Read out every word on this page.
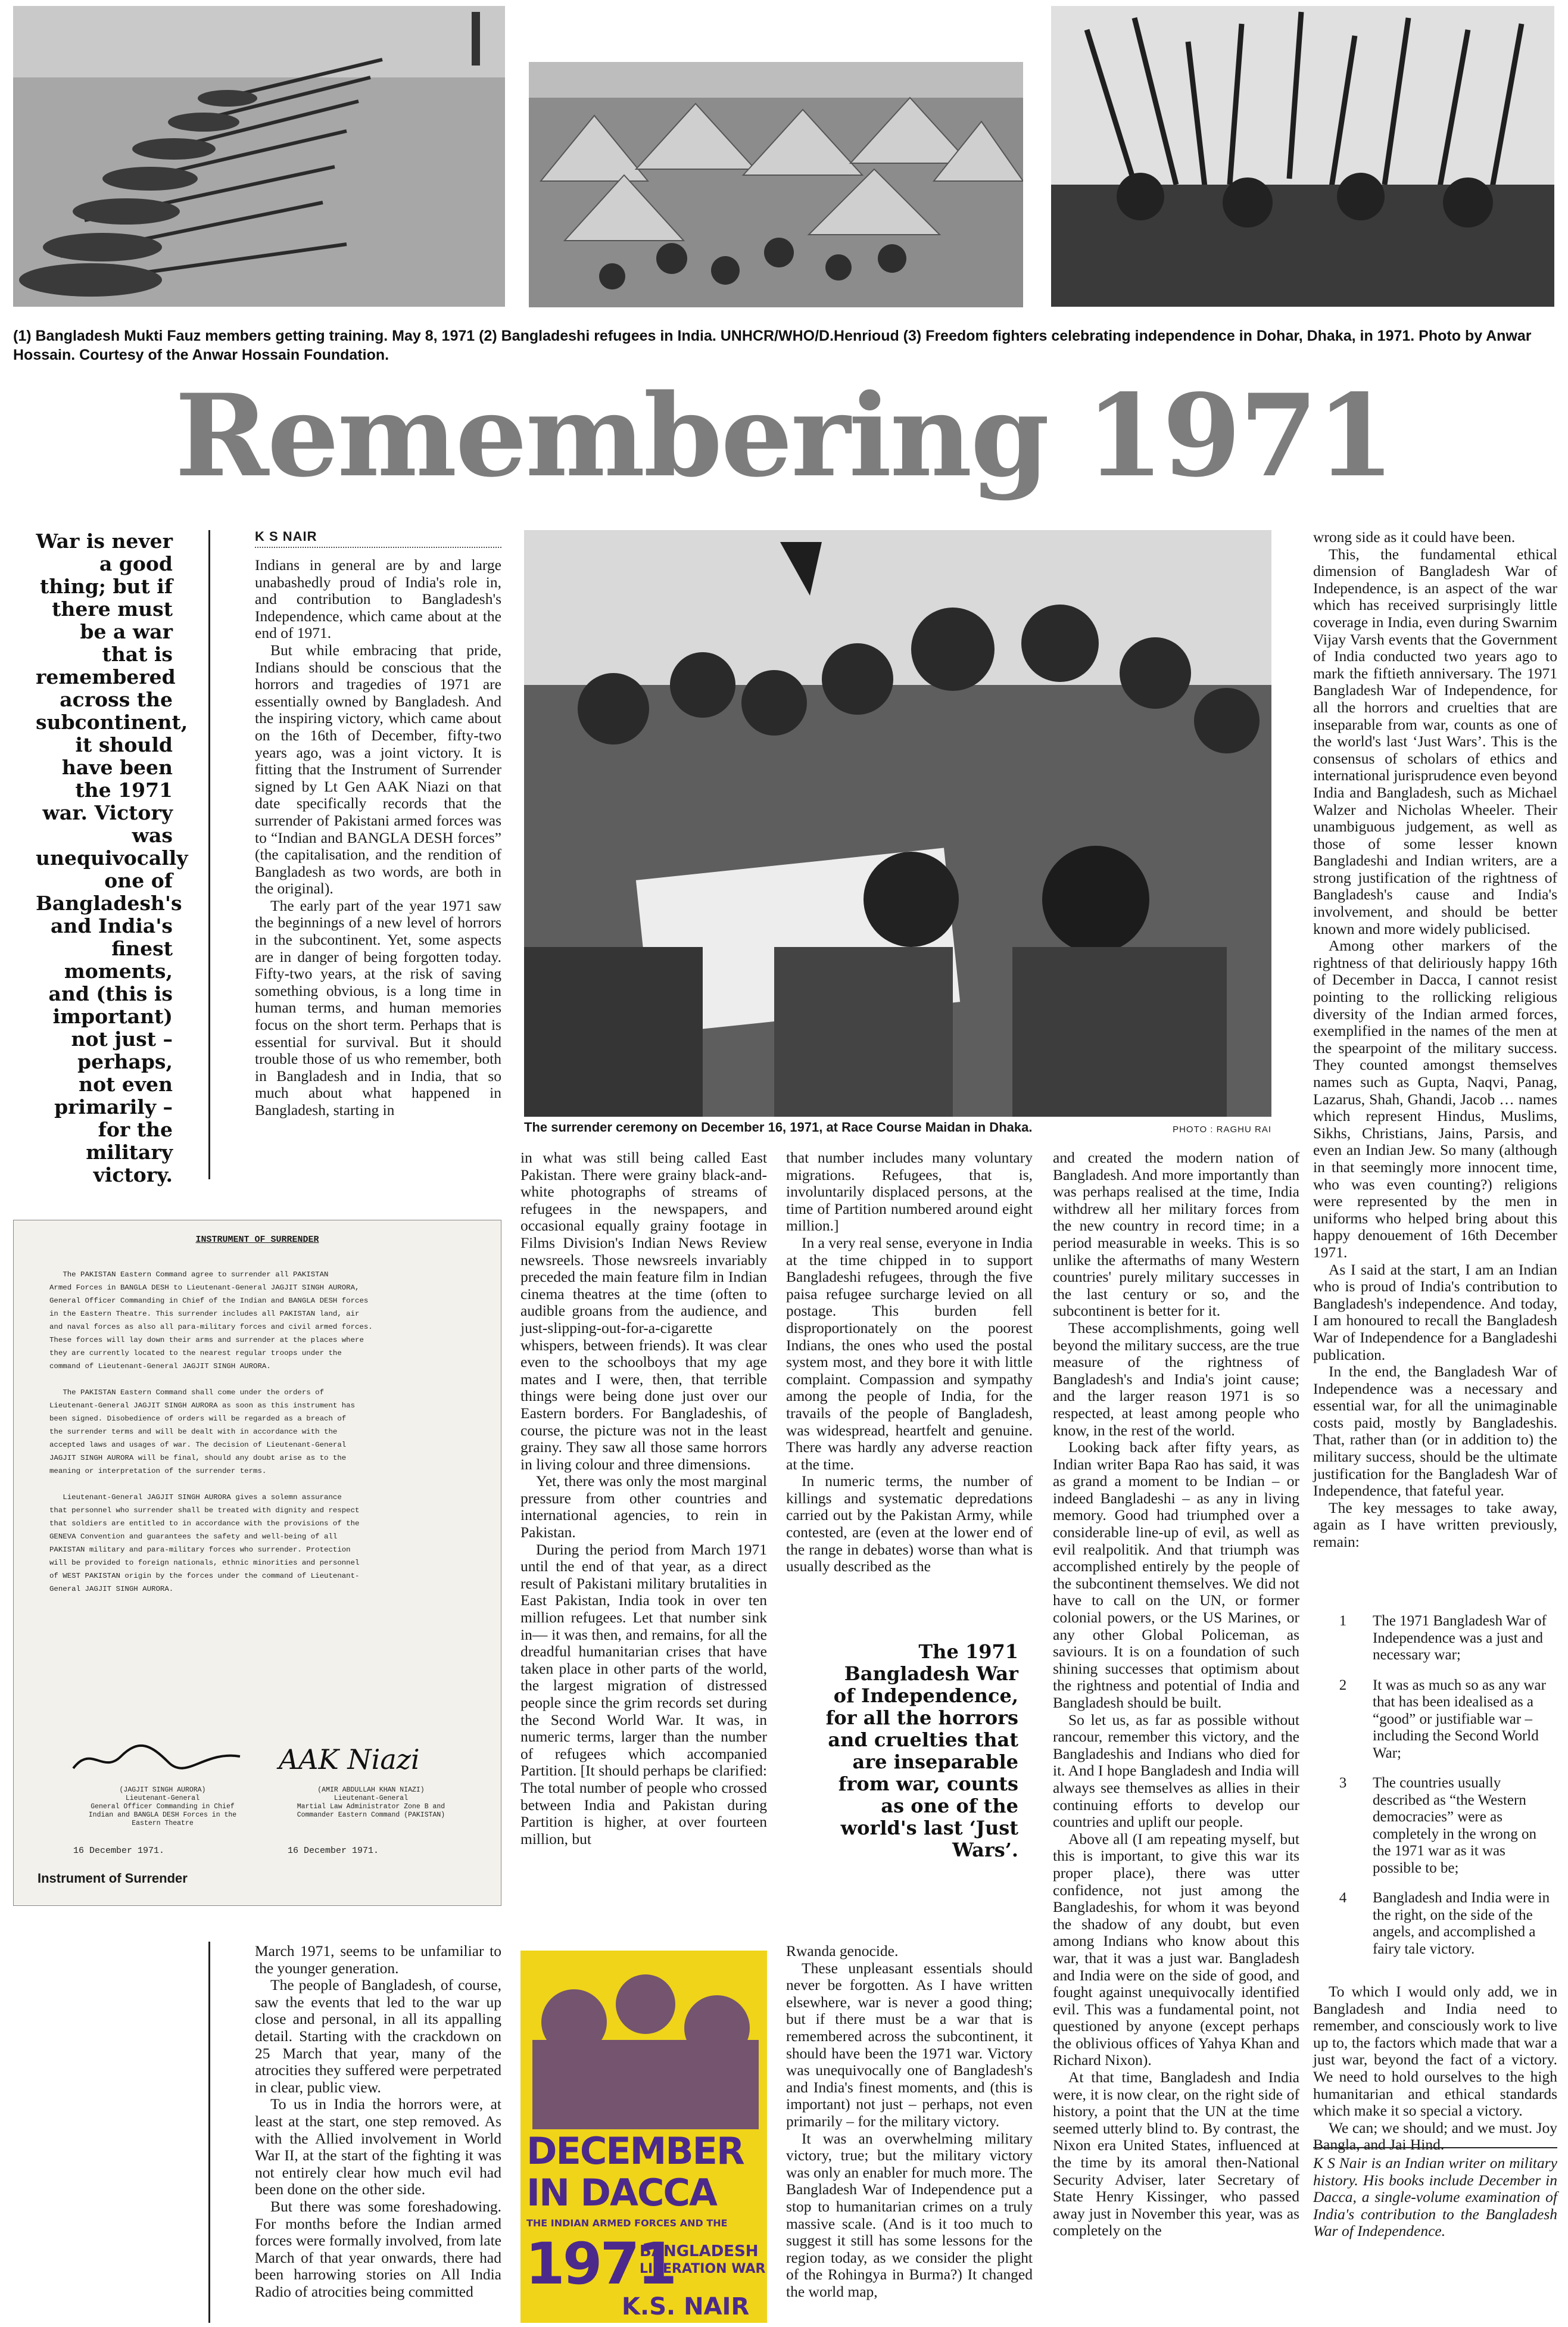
(1) Bangladesh Mukti Fauz members getting training. May 8, 1971 (2) Bangladeshi refugees in India. UNHCR/WHO/D.Henrioud (3) Freedom fighters celebrating independence in Dohar, Dhaka, in 1971. Photo by Anwar Hossain. Courtesy of the Anwar Hossain Foundation.
Remembering 1971
War is never a good thing; but if there must be a war that is remembered across the subcontinent, it should have been the 1971 war. Victory was unequivocally one of Bangladesh's and India's finest moments, and (this is important) not just – perhaps, not even primarily – for the military victory.
K S NAIR

Indians in general are by and large unabashedly proud of India's role in, and contribution to Bangladesh's Independence, which came about at the end of 1971.

But while embracing that pride, Indians should be conscious that the horrors and tragedies of 1971 are essentially owned by Bangladesh. And the inspiring victory, which came about on the 16th of December, fifty-two years ago, was a joint victory. It is fitting that the Instrument of Surrender signed by Lt Gen AAK Niazi on that date specifically records that the surrender of Pakistani armed forces was to “Indian and BANGLA DESH forces” (the capitalisation, and the rendition of Bangladesh as two words, are both in the original).

The early part of the year 1971 saw the beginnings of a new level of horrors in the subcontinent. Yet, some aspects are in danger of being forgotten today. Fifty-two years, at the risk of saving something obvious, is a long time in human terms, and human memories focus on the short term. Perhaps that is essential for survival. But it should trouble those of us who remember, both in Bangladesh and in India, that so much about what happened in Bangladesh, starting in

INSTRUMENT OF SURRENDER
The PAKISTAN Eastern Command agree to surrender all PAKISTAN
Armed Forces in BANGLA DESH to Lieutenant-General JAGJIT SINGH AURORA,
General Officer Commanding in Chief of the Indian and BANGLA DESH forces
in the Eastern Theatre. This surrender includes all PAKISTAN land, air
and naval forces as also all para-military forces and civil armed forces.
These forces will lay down their arms and surrender at the places where
they are currently located to the nearest regular troops under the
command of Lieutenant-General JAGJIT SINGH AURORA.

The PAKISTAN Eastern Command shall come under the orders of
Lieutenant-General JAGJIT SINGH AURORA as soon as this instrument has
been signed. Disobedience of orders will be regarded as a breach of
the surrender terms and will be dealt with in accordance with the
accepted laws and usages of war. The decision of Lieutenant-General
JAGJIT SINGH AURORA will be final, should any doubt arise as to the
meaning or interpretation of the surrender terms.

Lieutenant-General JAGJIT SINGH AURORA gives a solemn assurance
that personnel who surrender shall be treated with dignity and respect
that soldiers are entitled to in accordance with the provisions of the
GENEVA Convention and guarantees the safety and well-being of all
PAKISTAN military and para-military forces who surrender. Protection
will be provided to foreign nationals, ethnic minorities and personnel
of WEST PAKISTAN origin by the forces under the command of Lieutenant-
General JAGJIT SINGH AURORA.
AAK Niazi
(JAGJIT SINGH AURORA)
Lieutenant-General
General Officer Commanding in Chief
Indian and BANGLA DESH Forces in the
Eastern Theatre
(AMIR ABDULLAH KHAN NIAZI)
Lieutenant-General
Martial Law Administrator Zone B and
Commander Eastern Command (PAKISTAN)
16 December 1971.	16 December 1971.
Instrument of Surrender

March 1971, seems to be unfamiliar to the younger generation.

The people of Bangladesh, of course, saw the events that led to the war up close and personal, in all its appalling detail. Starting with the crackdown on 25 March that year, many of the atrocities they suffered were perpetrated in clear, public view.

To us in India the horrors were, at least at the start, one step removed. As with the Allied involvement in World War II, at the start of the fighting it was not entirely clear how much evil had been done on the other side.

But there was some foreshadowing. For months before the Indian armed forces were formally involved, from late March of that year onwards, there had been harrowing stories on All India Radio of atrocities being committed

The surrender ceremony on December 16, 1971, at Race Course Maidan in Dhaka.	PHOTO : RAGHU RAI

in what was still being called East Pakistan. There were grainy black-and-white photographs of streams of refugees in the newspapers, and occasional equally grainy footage in Films Division's Indian News Review newsreels. Those newsreels invariably preceded the main feature film in Indian cinema theatres at the time (often to audible groans from the audience, and just-slipping-out-for-a-cigarette whispers, between friends). It was clear even to the schoolboys that my age mates and I were, then, that terrible things were being done just over our Eastern borders. For Bangladeshis, of course, the picture was not in the least grainy. They saw all those same horrors in living colour and three dimensions.

Yet, there was only the most marginal pressure from other countries and international agencies, to rein in Pakistan.

During the period from March 1971 until the end of that year, as a direct result of Pakistani military brutalities in East Pakistan, India took in over ten million refugees. Let that number sink in— it was then, and remains, for all the dreadful humanitarian crises that have taken place in other parts of the world, the largest migration of distressed people since the grim records set during the Second World War. It was, in numeric terms, larger than the number of refugees which accompanied Partition. [It should perhaps be clarified: The total number of people who crossed between India and Pakistan during Partition is higher, at over fourteen million, but

that number includes many voluntary migrations. Refugees, that is, involuntarily displaced persons, at the time of Partition numbered around eight million.]

In a very real sense, everyone in India at the time chipped in to support Bangladeshi refugees, through the five paisa refugee surcharge levied on all postage. This burden fell disproportionately on the poorest Indians, the ones who used the postal system most, and they bore it with little complaint. Compassion and sympathy among the people of India, for the travails of the people of Bangladesh, was widespread, heartfelt and genuine. There was hardly any adverse reaction at the time.

In numeric terms, the number of killings and systematic depredations carried out by the Pakistan Army, while contested, are (even at the lower end of the range in debates) worse than what is usually described as the

The 1971 Bangladesh War of Independence, for all the horrors and cruelties that are inseparable from war, counts as one of the world's last ‘Just Wars’.
DECEMBER
IN DACCA
THE INDIAN ARMED FORCES AND THE
1971
BANGLADESH
LIBERATION WAR
K.S. NAIR

Rwanda genocide.

These unpleasant essentials should never be forgotten. As I have written elsewhere, war is never a good thing; but if there must be a war that is remembered across the subcontinent, it should have been the 1971 war. Victory was unequivocally one of Bangladesh's and India's finest moments, and (this is important) not just – perhaps, not even primarily – for the military victory.

It was an overwhelming military victory, true; but the military victory was only an enabler for much more. The Bangladesh War of Independence put a stop to humanitarian crimes on a truly massive scale. (And is it too much to suggest it still has some lessons for the region today, as we consider the plight of the Rohingya in Burma?) It changed the world map,

and created the modern nation of Bangladesh. And more importantly than was perhaps realised at the time, India withdrew all her military forces from the new country in record time; in a period measurable in weeks. This is so unlike the aftermaths of many Western countries' purely military successes in the last century or so, and the subcontinent is better for it.

These accomplishments, going well beyond the military success, are the true measure of the rightness of Bangladesh's and India's joint cause; and the larger reason 1971 is so respected, at least among people who know, in the rest of the world.

Looking back after fifty years, as Indian writer Bapa Rao has said, it was as grand a moment to be Indian – or indeed Bangladeshi – as any in living memory. Good had triumphed over a considerable line-up of evil, as well as evil realpolitik. And that triumph was accomplished entirely by the people of the subcontinent themselves. We did not have to call on the UN, or former colonial powers, or the US Marines, or any other Global Policeman, as saviours. It is on a foundation of such shining successes that optimism about the rightness and potential of India and Bangladesh should be built.

So let us, as far as possible without rancour, remember this victory, and the Bangladeshis and Indians who died for it. And I hope Bangladesh and India will always see themselves as allies in their continuing efforts to develop our countries and uplift our people.

Above all (I am repeating myself, but this is important, to give this war its proper place), there was utter confidence, not just among the Bangladeshis, for whom it was beyond the shadow of any doubt, but even among Indians who know about this war, that it was a just war. Bangladesh and India were on the side of good, and fought against unequivocally identified evil. This was a fundamental point, not questioned by anyone (except perhaps the oblivious offices of Yahya Khan and Richard Nixon).

At that time, Bangladesh and India were, it is now clear, on the right side of history, a point that the UN at the time seemed utterly blind to. By contrast, the Nixon era United States, influenced at the time by its amoral then-National Security Adviser, later Secretary of State Henry Kissinger, who passed away just in November this year, was as completely on the

wrong side as it could have been.

This, the fundamental ethical dimension of Bangladesh War of Independence, is an aspect of the war which has received surprisingly little coverage in India, even during Swarnim Vijay Varsh events that the Government of India conducted two years ago to mark the fiftieth anniversary. The 1971 Bangladesh War of Independence, for all the horrors and cruelties that are inseparable from war, counts as one of the world's last ‘Just Wars’. This is the consensus of scholars of ethics and international jurisprudence even beyond India and Bangladesh, such as Michael Walzer and Nicholas Wheeler. Their unambiguous judgement, as well as those of some lesser known Bangladeshi and Indian writers, are a strong justification of the rightness of Bangladesh's cause and India's involvement, and should be better known and more widely publicised.

Among other markers of the rightness of that deliriously happy 16th of December in Dacca, I cannot resist pointing to the rollicking religious diversity of the Indian armed forces, exemplified in the names of the men at the spearpoint of the military success. They counted amongst themselves names such as Gupta, Naqvi, Panag, Lazarus, Shah, Ghandi, Jacob … names which represent Hindus, Muslims, Sikhs, Christians, Jains, Parsis, and even an Indian Jew. So many (although in that seemingly more innocent time, who was even counting?) religions were represented by the men in uniforms who helped bring about this happy denouement of 16th December 1971.

As I said at the start, I am an Indian who is proud of India's contribution to Bangladesh's independence. And today, I am honoured to recall the Bangladesh War of Independence for a Bangladeshi publication.

In the end, the Bangladesh War of Independence was a necessary and essential war, for all the unimaginable costs paid, mostly by Bangladeshis. That, rather than (or in addition to) the military success, should be the ultimate justification for the Bangladesh War of Independence, that fateful year.

The key messages to take away, again as I have written previously, remain:

1	The 1971 Bangladesh War of Independence was a just and necessary war;
2	It was as much so as any war that has been idealised as a “good” or justifiable war – including the Second World War;
3	The countries usually described as “the Western democracies” were as completely in the wrong on the 1971 war as it was possible to be;
4	Bangladesh and India were in the right, on the side of the angels, and accomplished a fairy tale victory.

To which I would only add, we in Bangladesh and India need to remember, and consciously work to live up to, the factors which made that war a just war, beyond the fact of a victory. We need to hold ourselves to the high humanitarian and ethical standards which make it so special a victory.

We can; we should; and we must. Joy Bangla, and Jai Hind.

K S Nair is an Indian writer on military history. His books include December in Dacca, a single-volume examination of India's contribution to the Bangladesh War of Independence.
